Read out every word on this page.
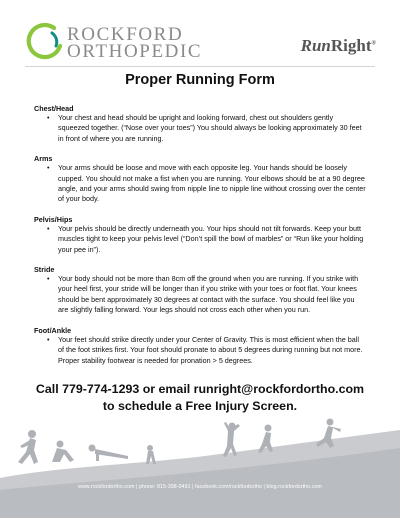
ROCKFORD
ORTHOPEDIC	RunRight®
Proper Running Form
Chest/Head
• Your chest and head should be upright and looking forward, chest out shoulders gently squeezed together. (“Nose over your toes”) You should always be looking approximately 30 feet in front of where you are running.
Arms
• Your arms should be loose and move with each opposite leg. Your hands should be loosely cupped. You should not make a fist when you are running. Your elbows should be at a 90 degree angle, and your arms should swing from nipple line to nipple line without crossing over the center of your body.
Pelvis/Hips
• Your pelvis should be directly underneath you. Your hips should not tilt forwards. Keep your butt muscles tight to keep your pelvis level (“Don’t spill the bowl of marbles” or “Run like your holding your pee in”).
Stride
• Your body should not be more than 8cm off the ground when you are running. If you strike with your heel first, your stride will be longer than if you strike with your toes or foot flat. Your knees should be bent approximately 30 degrees at contact with the surface. You should feel like you are slightly falling forward. Your legs should not cross each other when you run.
Foot/Ankle
• Your feet should strike directly under your Center of Gravity. This is most efficient when the ball of the foot strikes first. Your foot should pronate to about 5 degrees during running but not more. Proper stability footwear is needed for pronation > 5 degrees.
Call 779-774-1293 or email runright@rockfordortho.com
to schedule a Free Injury Screen.
www.rockfordortho.com | phone: 815-398-9491 | facebook.com/rockfordortho | blog.rockfordortho.com
